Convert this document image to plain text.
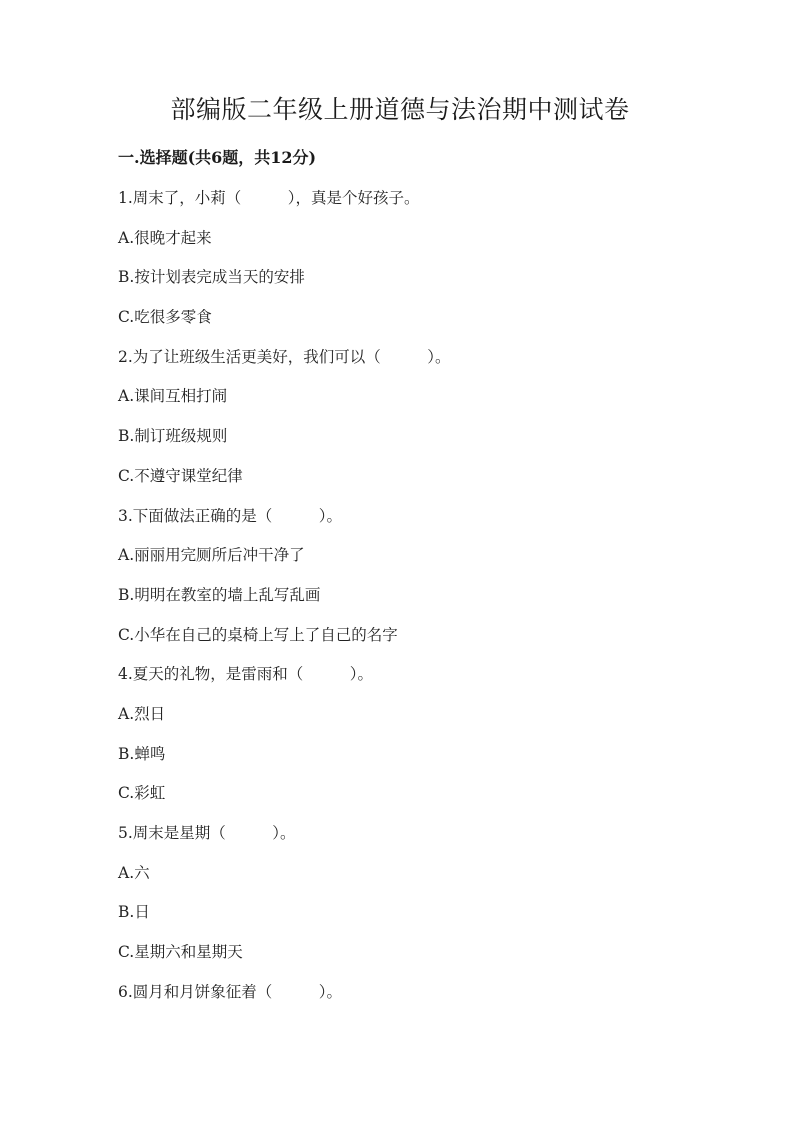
部编版二年级上册道德与法治期中测试卷
一.选择题(共6题，共12分)
1.周末了，小莉（　　　），真是个好孩子。
A.很晚才起来
B.按计划表完成当天的安排
C.吃很多零食
2.为了让班级生活更美好，我们可以（　　　）。
A.课间互相打闹
B.制订班级规则
C.不遵守课堂纪律
3.下面做法正确的是（　　　）。
A.丽丽用完厕所后冲干净了
B.明明在教室的墙上乱写乱画
C.小华在自己的桌椅上写上了自己的名字
4.夏天的礼物，是雷雨和（　　　）。
A.烈日
B.蝉鸣
C.彩虹
5.周末是星期（　　　）。
A.六
B.日
C.星期六和星期天
6.圆月和月饼象征着（　　　）。
